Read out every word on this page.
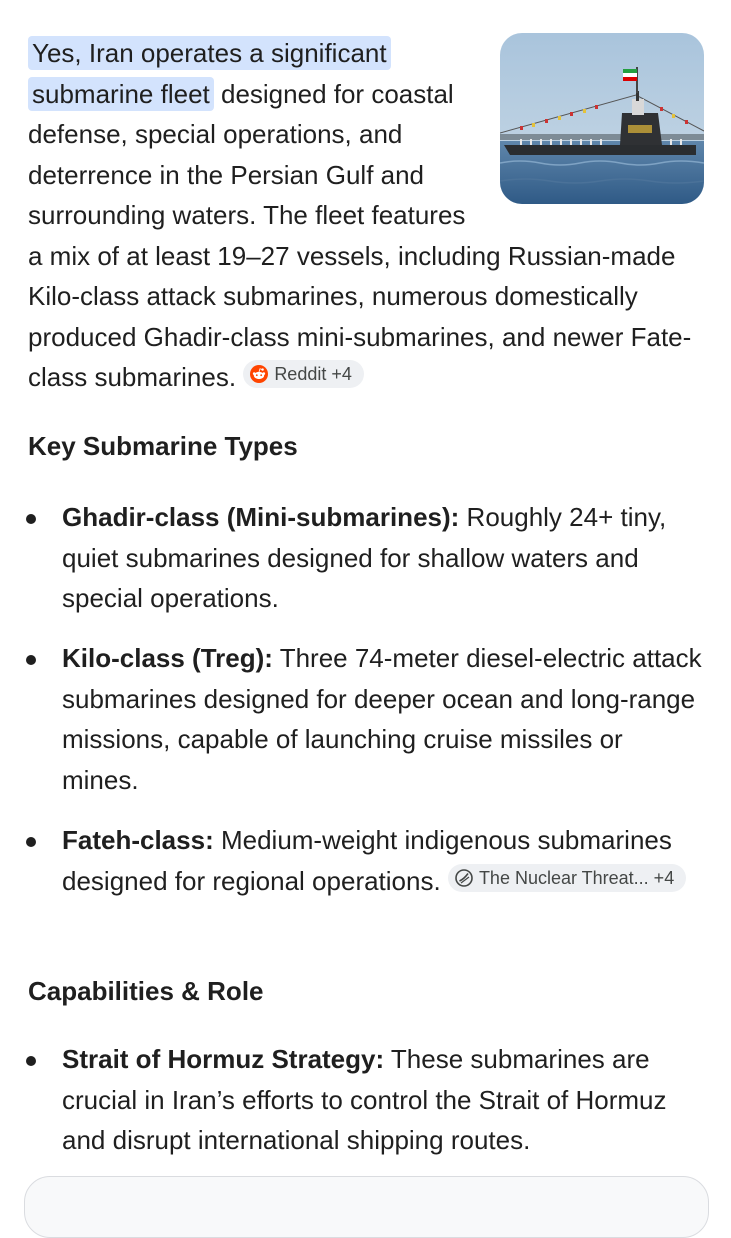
Yes, Iran operates a significant submarine fleet designed for coastal defense, special operations, and deterrence in the Persian Gulf and surrounding waters. The fleet features a mix of at least 19–27 vessels, including Russian-made Kilo-class attack submarines, numerous domestically produced Ghadir-class mini-submarines, and newer Fate-class submarines. Reddit +4

Key Submarine Types

Ghadir-class (Mini-submarines): Roughly 24+ tiny, quiet submarines designed for shallow waters and special operations.

Kilo-class (Treg): Three 74-meter diesel-electric attack submarines designed for deeper ocean and long-range missions, capable of launching cruise missiles or mines.

Fateh-class: Medium-weight indigenous submarines designed for regional operations. The Nuclear Threat... +4

Capabilities & Role

Strait of Hormuz Strategy: These submarines are crucial in Iran’s efforts to control the Strait of Hormuz and disrupt international shipping routes.
